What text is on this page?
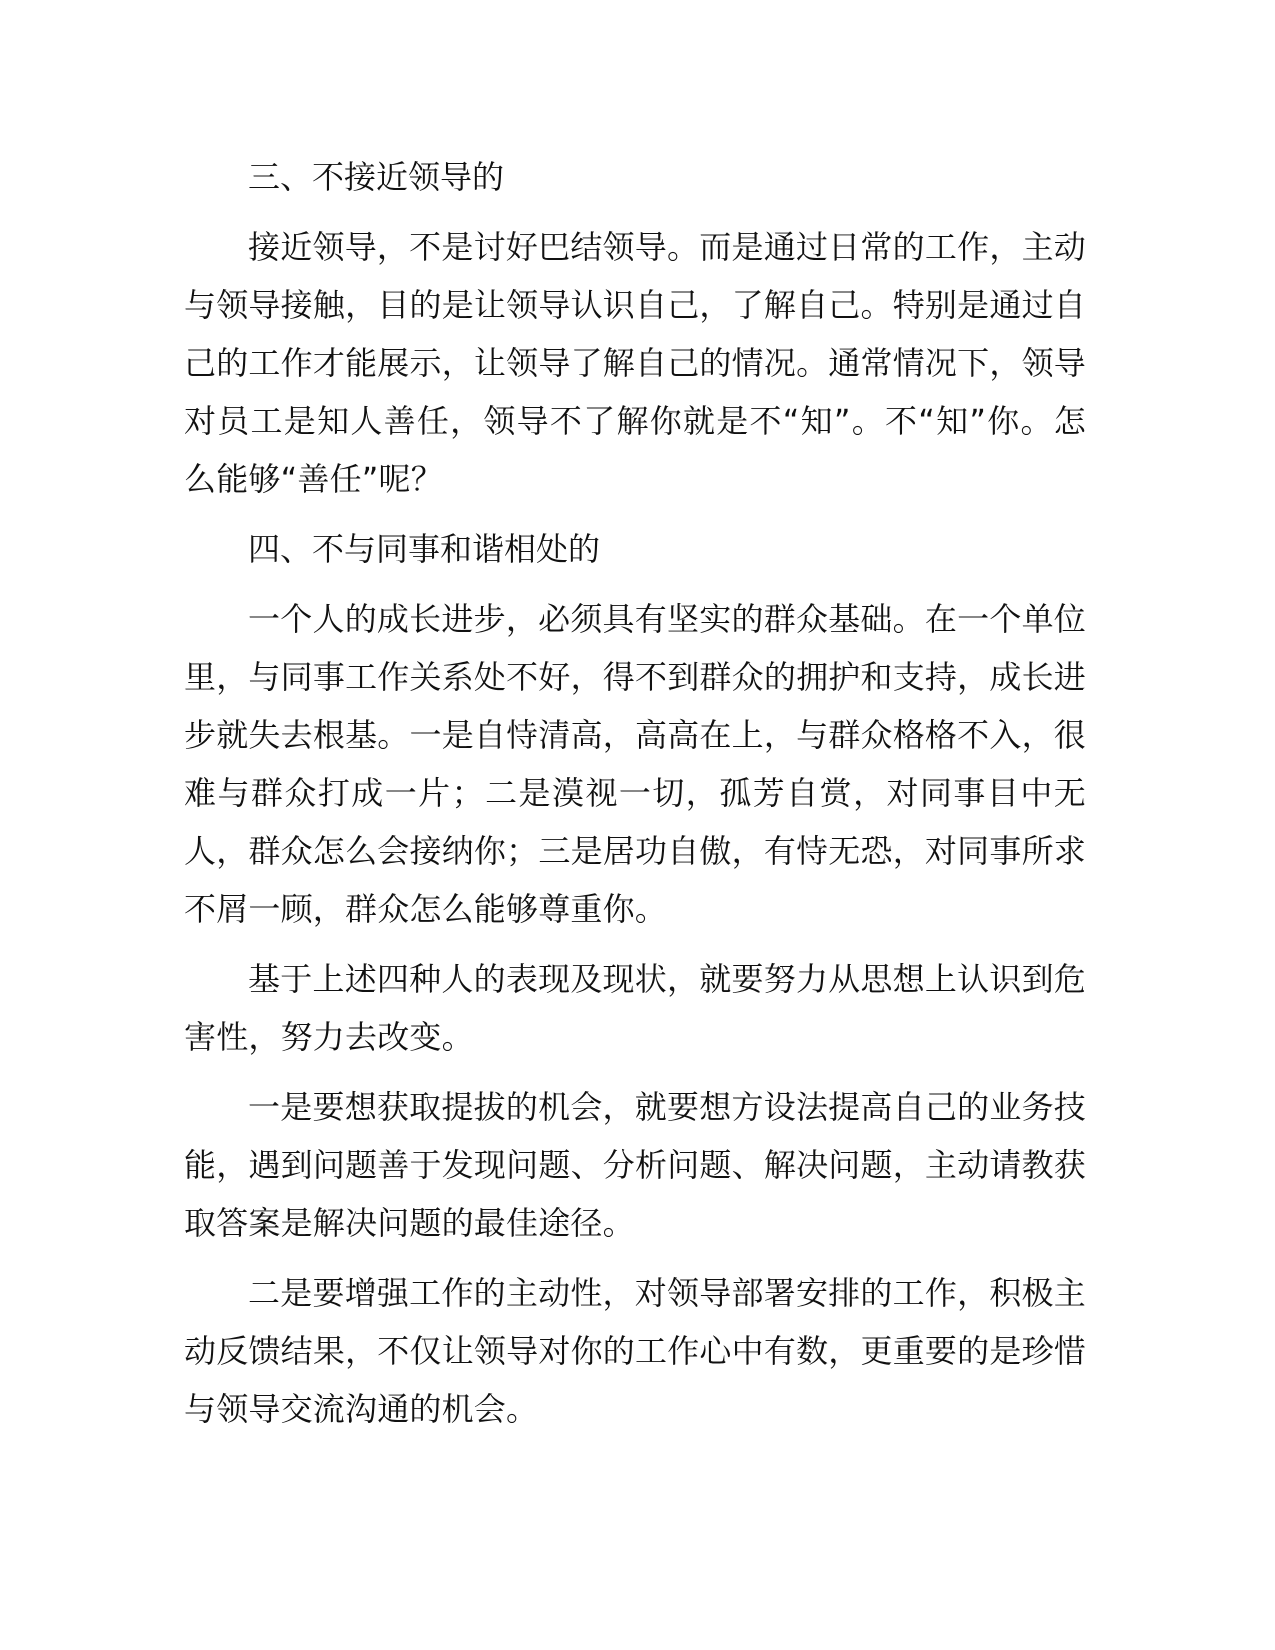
三、不接近领导的

接近领导，不是讨好巴结领导。而是通过日常的工作，主动与领导接触，目的是让领导认识自己，了解自己。特别是通过自己的工作才能展示，让领导了解自己的情况。通常情况下，领导对员工是知人善任，领导不了解你就是不“知”。不“知”你。怎么能够“善任”呢？

四、不与同事和谐相处的

一个人的成长进步，必须具有坚实的群众基础。在一个单位里，与同事工作关系处不好，得不到群众的拥护和支持，成长进步就失去根基。一是自恃清高，高高在上，与群众格格不入，很难与群众打成一片；二是漠视一切，孤芳自赏，对同事目中无人，群众怎么会接纳你；三是居功自傲，有恃无恐，对同事所求不屑一顾，群众怎么能够尊重你。

基于上述四种人的表现及现状，就要努力从思想上认识到危害性，努力去改变。

一是要想获取提拔的机会，就要想方设法提高自己的业务技能，遇到问题善于发现问题、分析问题、解决问题，主动请教获取答案是解决问题的最佳途径。

二是要增强工作的主动性，对领导部署安排的工作，积极主动反馈结果，不仅让领导对你的工作心中有数，更重要的是珍惜与领导交流沟通的机会。
